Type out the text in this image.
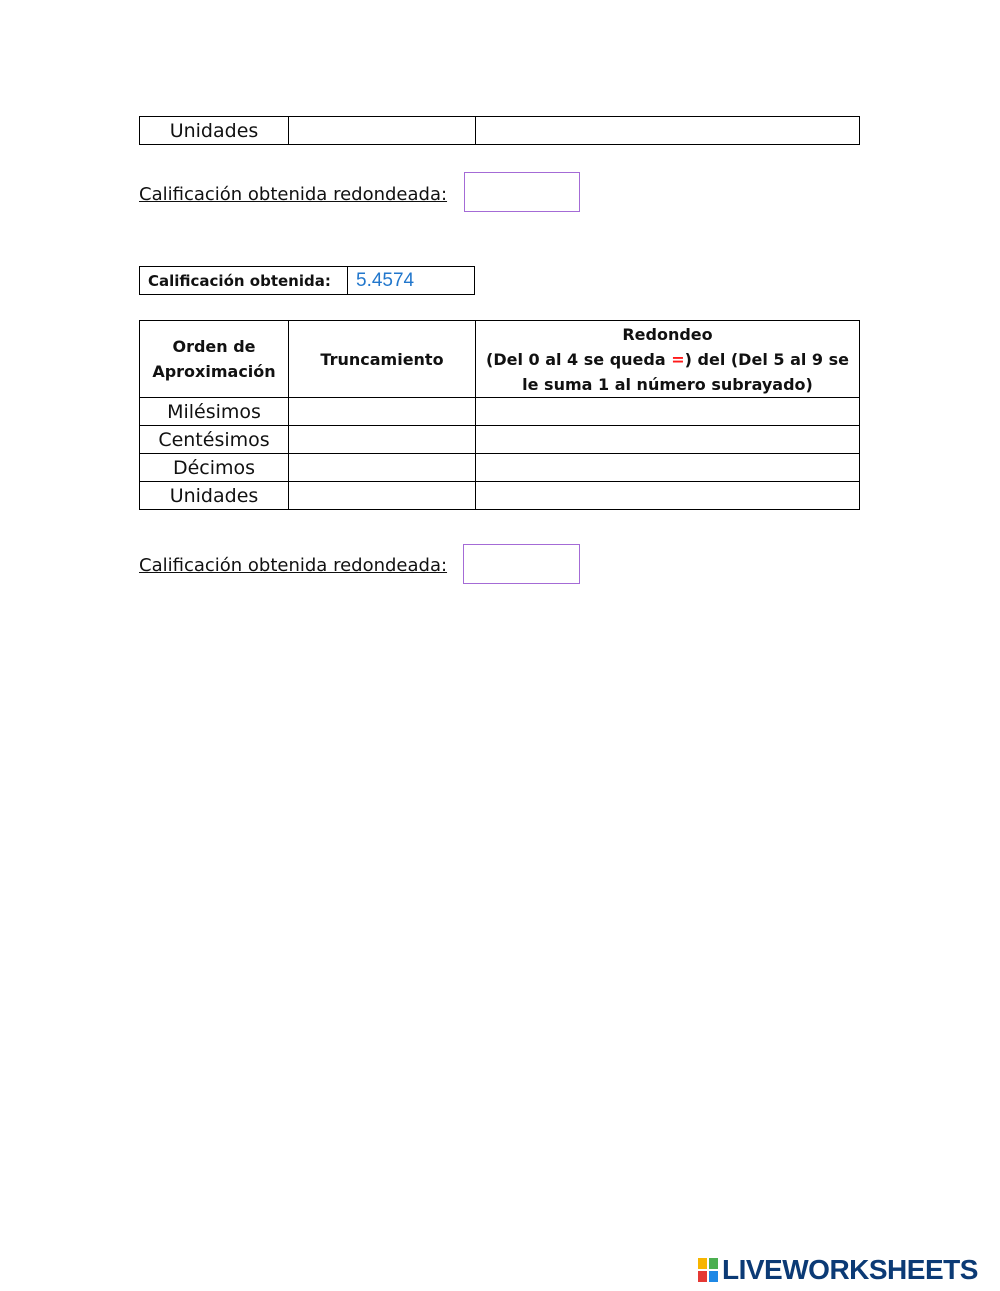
Unidades		
Calificación obtenida redondeada:
Calificación obtenida:	5.4574
Orden de Aproximación	Truncamiento	Redondeo
(Del 0 al 4 se queda =) del (Del 5 al 9 se le suma 1 al número subrayado)

Milésimos		
Centésimos		
Décimos		
Unidades		
Calificación obtenida redondeada:
LIVEWORKSHEETS
